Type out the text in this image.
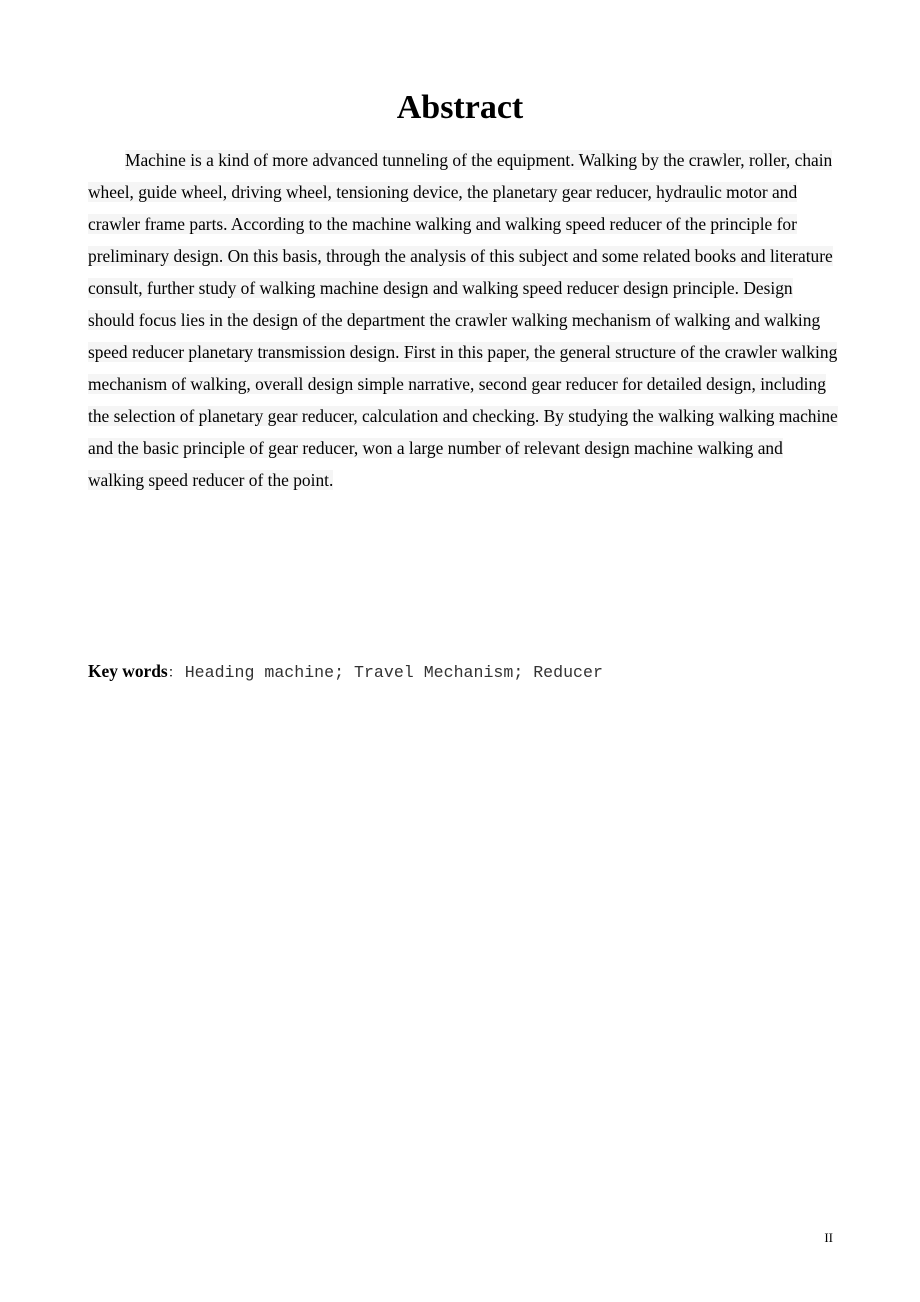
Abstract

Machine is a kind of more advanced tunneling of the equipment. Walking by the crawler, roller, chain wheel, guide wheel, driving wheel, tensioning device, the planetary gear reducer, hydraulic motor and crawler frame parts. According to the machine walking and walking speed reducer of the principle for preliminary design. On this basis, through the analysis of this subject and some related books and literature consult, further study of walking machine design and walking speed reducer design principle. Design should focus lies in the design of the department the crawler walking mechanism of walking and walking speed reducer planetary transmission design. First in this paper, the general structure of the crawler walking mechanism of walking, overall design simple narrative, second gear reducer for detailed design, including the selection of planetary gear reducer, calculation and checking. By studying the walking walking machine and the basic principle of gear reducer, won a large number of relevant design machine walking and walking speed reducer of the point.

Key words： Heading machine; Travel Mechanism; Reducer

II
